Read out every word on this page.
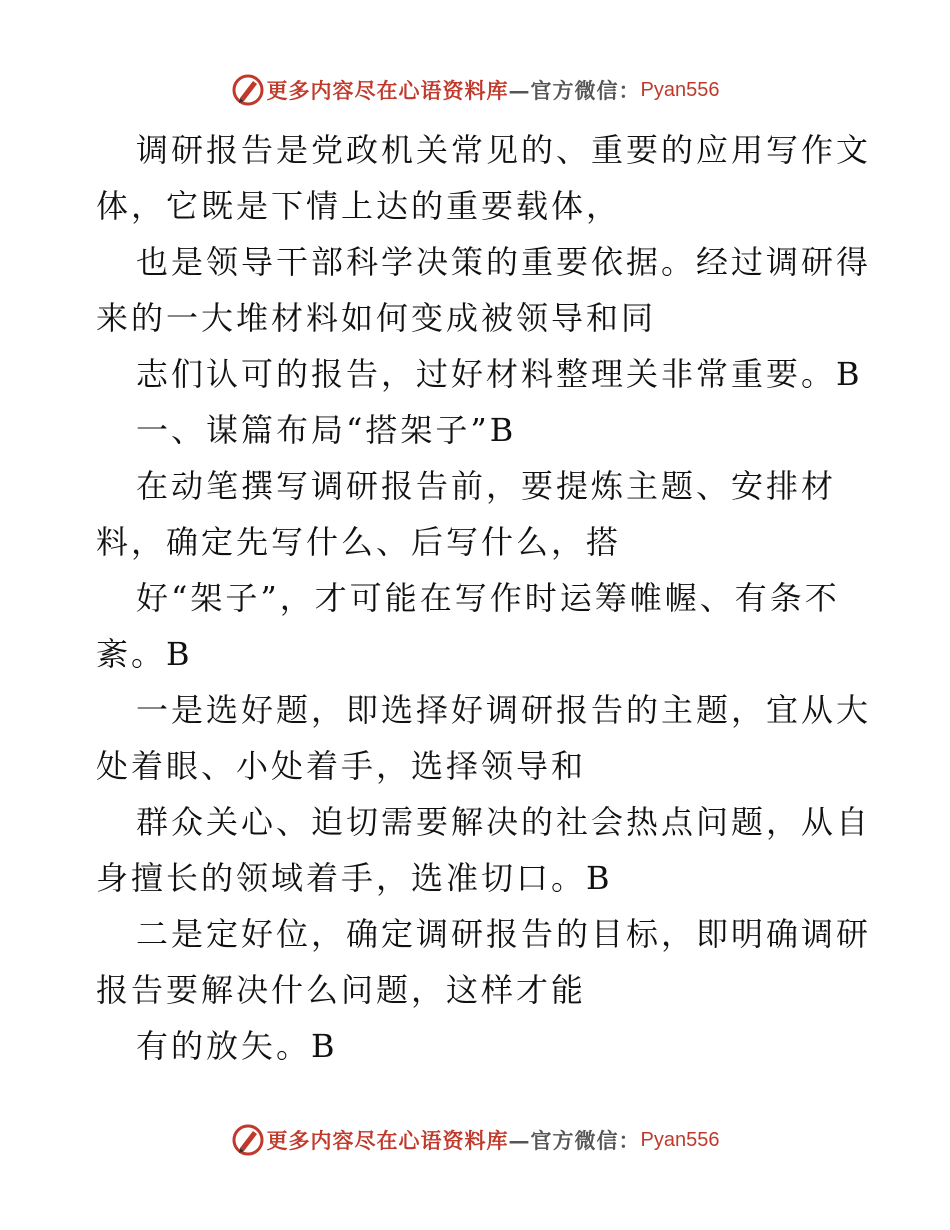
更多内容尽在心语资料库 — 官方微信： Pyan556
调研报告是党政机关常见的、重要的应用写作文
体，它既是下情上达的重要载体，
也是领导干部科学决策的重要依据。经过调研得
来的一大堆材料如何变成被领导和同
志们认可的报告，过好材料整理关非常重要。B
一、谋篇布局“搭架子”B
在动笔撰写调研报告前，要提炼主题、安排材
料，确定先写什么、后写什么，搭
好“架子”，才可能在写作时运筹帷幄、有条不
紊。B
一是选好题，即选择好调研报告的主题，宜从大
处着眼、小处着手，选择领导和
群众关心、迫切需要解决的社会热点问题，从自
身擅长的领域着手，选准切口。B
二是定好位，确定调研报告的目标，即明确调研
报告要解决什么问题，这样才能
有的放矢。B
更多内容尽在心语资料库 — 官方微信： Pyan556
